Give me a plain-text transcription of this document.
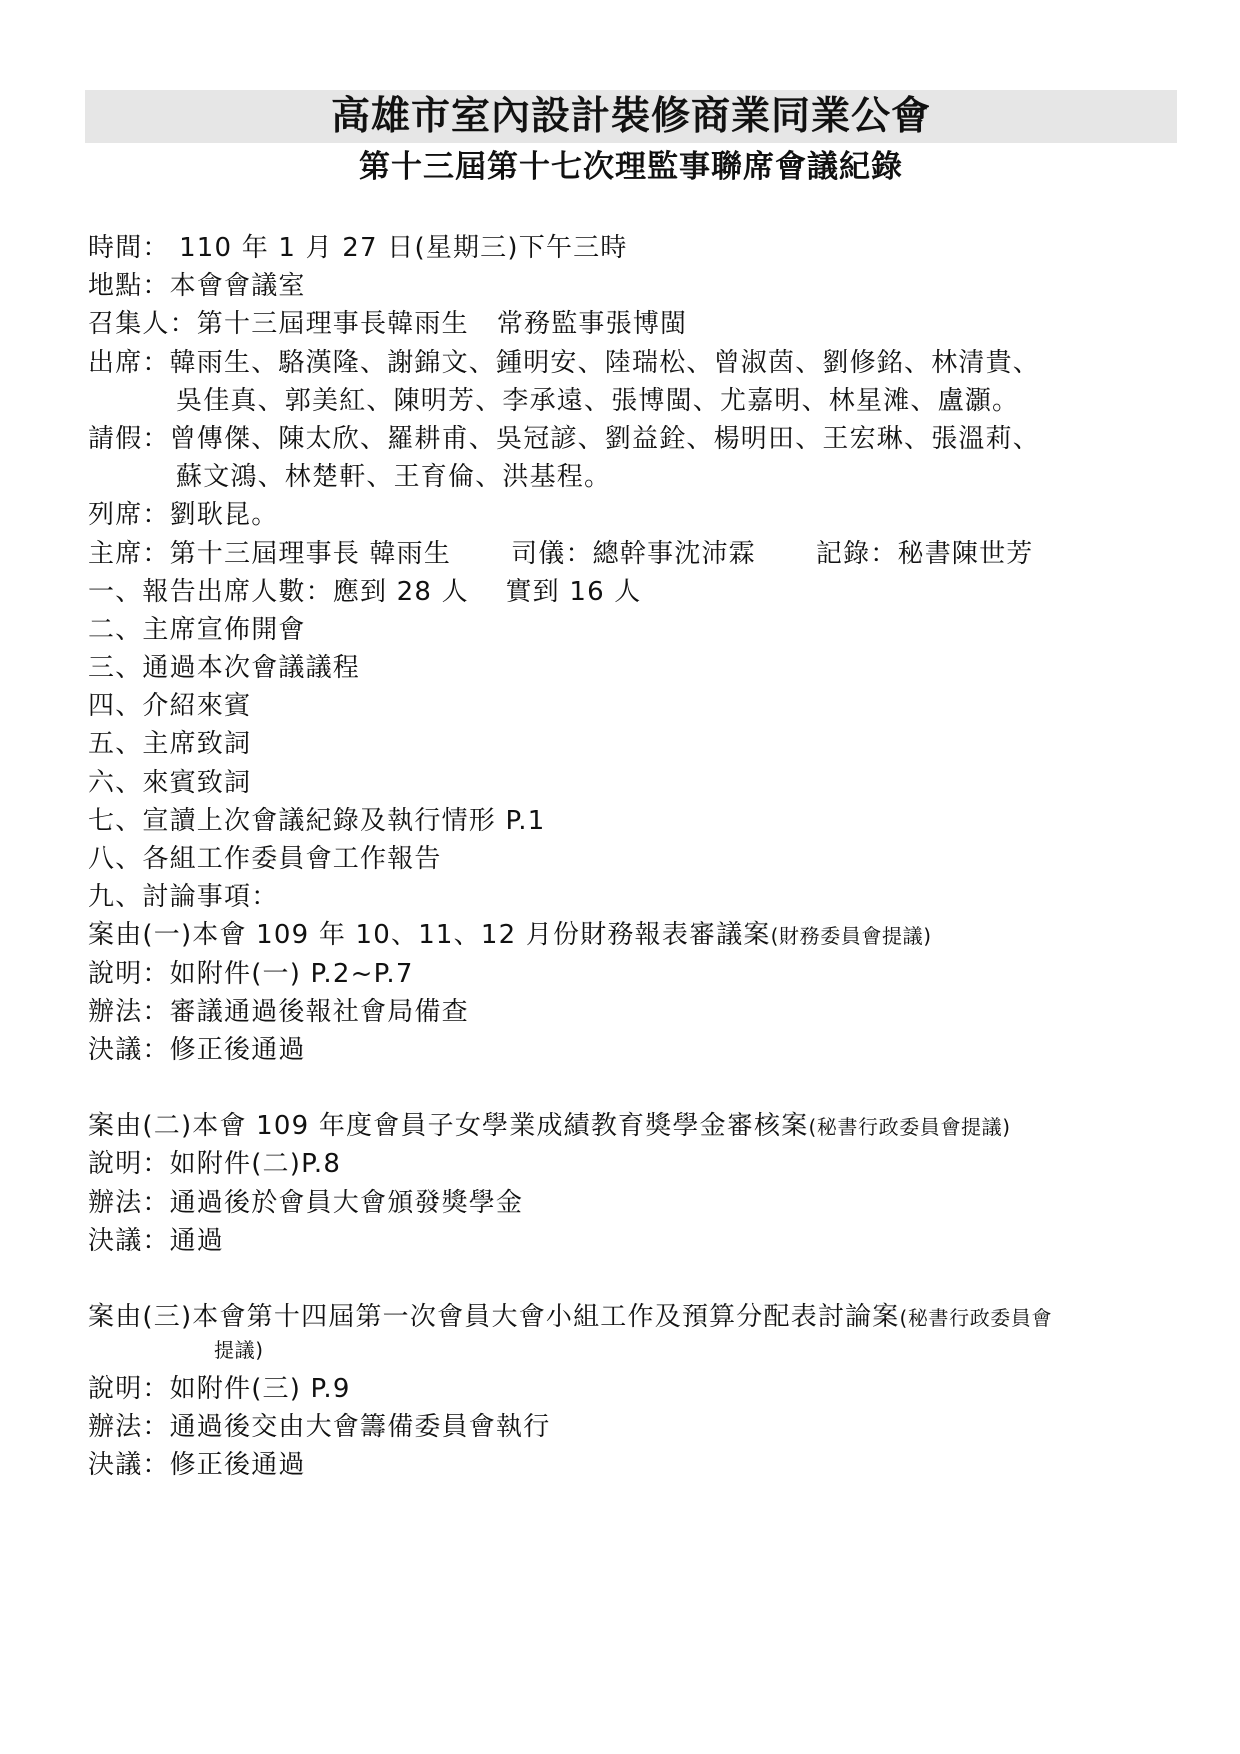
高雄市室內設計裝修商業同業公會
第十三屆第十七次理監事聯席會議紀錄
時間： 110 年 1 月 27 日(星期三)下午三時
地點：本會會議室
召集人：第十三屆理事長韓雨生 常務監事張博閩
出席：韓雨生、駱漢隆、謝錦文、鍾明安、陸瑞松、曾淑茵、劉修銘、林清貴、
吳佳真、郭美紅、陳明芳、李承遠、張博閩、尤嘉明、林星滩、盧灝。
請假：曾傳傑、陳太欣、羅耕甫、吳冠諺、劉益銓、楊明田、王宏琳、張溫莉、
蘇文鴻、林楚軒、王育倫、洪基程。
列席：劉耿昆。
主席：第十三屆理事長 韓雨生 司儀：總幹事沈沛霖 記錄：秘書陳世芳
一、報告出席人數：應到 28 人　 實到 16 人
二、主席宣佈開會
三、通過本次會議議程
四、介紹來賓
五、主席致詞
六、來賓致詞
七、宣讀上次會議紀錄及執行情形 P.1
八、各組工作委員會工作報告
九、討論事項：
案由(一)本會 109 年 10、11、12 月份財務報表審議案(財務委員會提議)
說明：如附件(一) P.2~P.7
辦法：審議通過後報社會局備查
決議：修正後通過
案由(二)本會 109 年度會員子女學業成績教育獎學金審核案(秘書行政委員會提議)
說明：如附件(二)P.8
辦法：通過後於會員大會頒發獎學金
決議：通過
案由(三)本會第十四屆第一次會員大會小組工作及預算分配表討論案(秘書行政委員會
提議)
說明：如附件(三) P.9
辦法：通過後交由大會籌備委員會執行
決議：修正後通過
